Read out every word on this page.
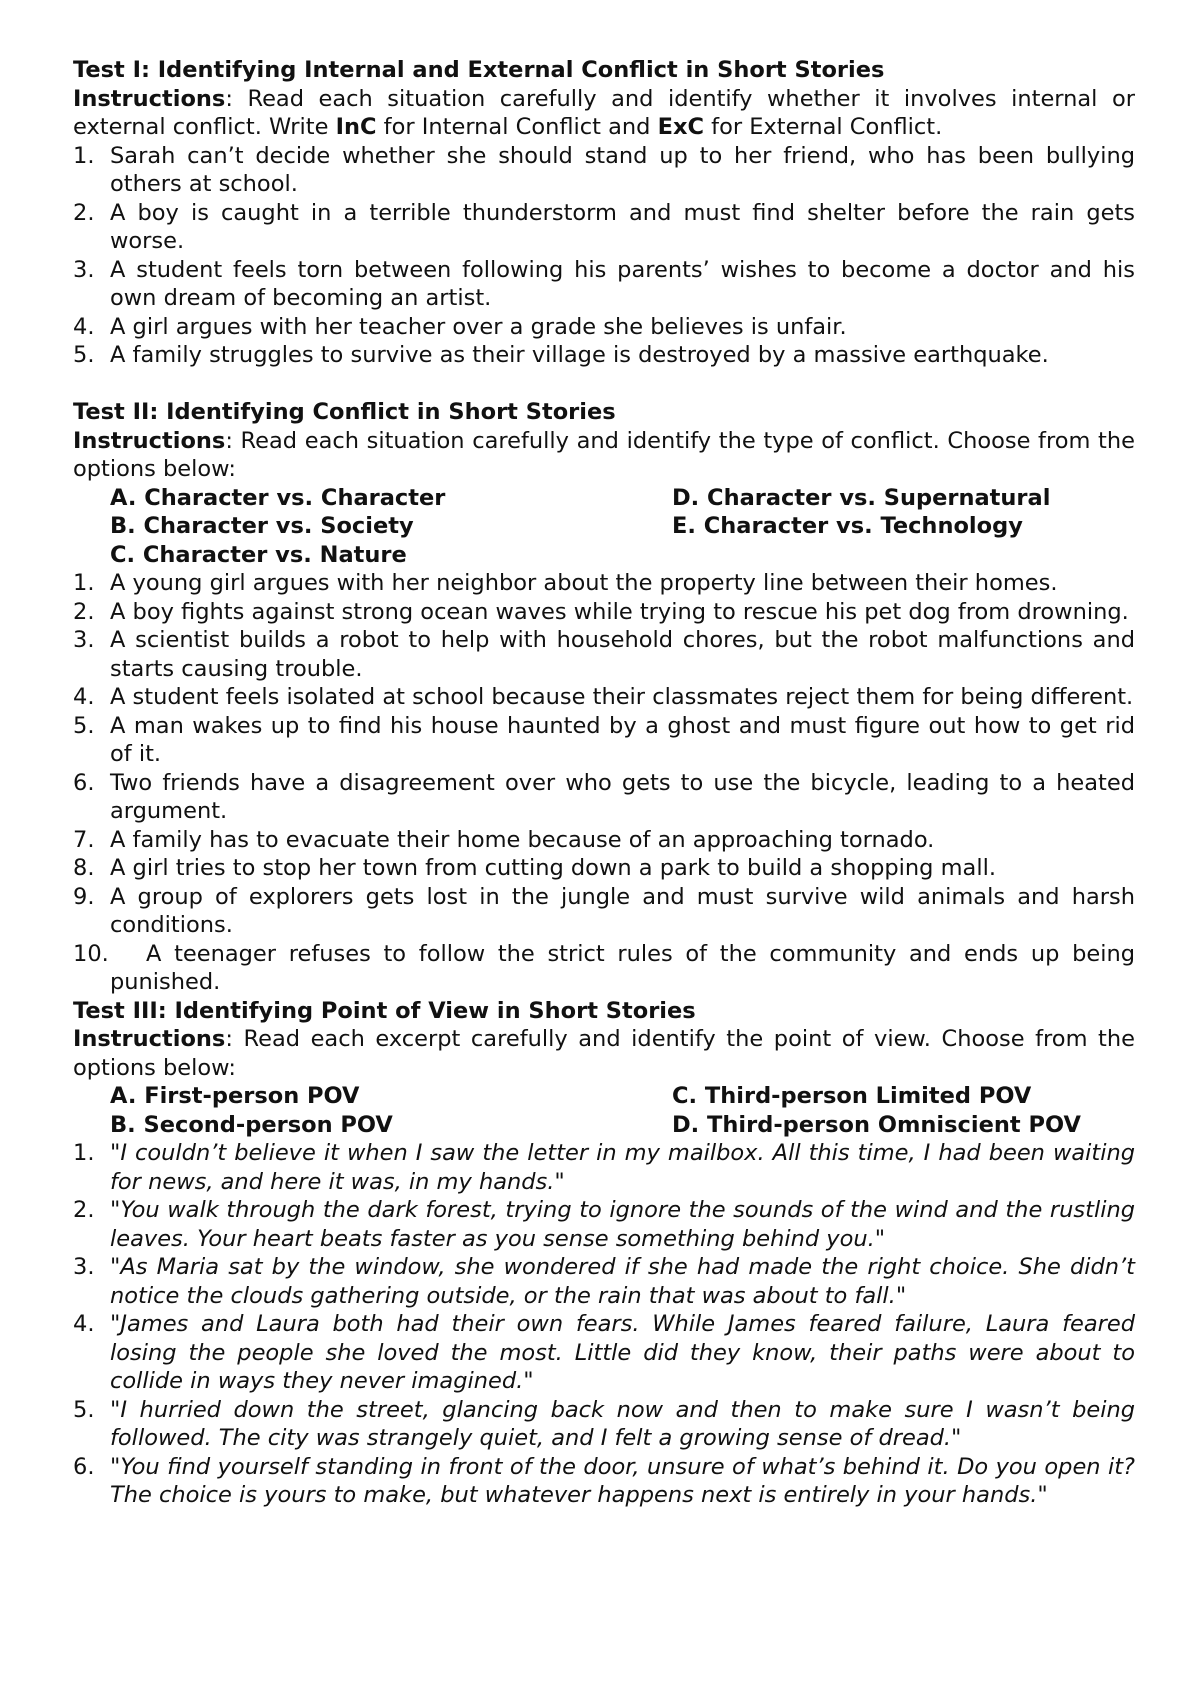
Test I: Identifying Internal and External Conflict in Short Stories

Instructions: Read each situation carefully and identify whether it involves internal or external conflict. Write InC for Internal Conflict and ExC for External Conflict.

1. Sarah can’t decide whether she should stand up to her friend, who has been bullying others at school.
2. A boy is caught in a terrible thunderstorm and must find shelter before the rain gets worse.
3. A student feels torn between following his parents’ wishes to become a doctor and his own dream of becoming an artist.
4. A girl argues with her teacher over a grade she believes is unfair.
5. A family struggles to survive as their village is destroyed by a massive earthquake.

Test II: Identifying Conflict in Short Stories

Instructions: Read each situation carefully and identify the type of conflict. Choose from the options below:

A. Character vs. Character	D. Character vs. Supernatural
B. Character vs. Society	E. Character vs. Technology
C. Character vs. Nature
1. A young girl argues with her neighbor about the property line between their homes.
2. A boy fights against strong ocean waves while trying to rescue his pet dog from drowning.
3. A scientist builds a robot to help with household chores, but the robot malfunctions and starts causing trouble.
4. A student feels isolated at school because their classmates reject them for being different.
5. A man wakes up to find his house haunted by a ghost and must figure out how to get rid of it.
6. Two friends have a disagreement over who gets to use the bicycle, leading to a heated argument.
7. A family has to evacuate their home because of an approaching tornado.
8. A girl tries to stop her town from cutting down a park to build a shopping mall.
9. A group of explorers gets lost in the jungle and must survive wild animals and harsh conditions.
10. A teenager refuses to follow the strict rules of the community and ends up being punished.

Test III: Identifying Point of View in Short Stories

Instructions: Read each excerpt carefully and identify the point of view. Choose from the options below:

A. First-person POV	C. Third-person Limited POV
B. Second-person POV	D. Third-person Omniscient POV
1. "I couldn’t believe it when I saw the letter in my mailbox. All this time, I had been waiting for news, and here it was, in my hands."
2. "You walk through the dark forest, trying to ignore the sounds of the wind and the rustling leaves. Your heart beats faster as you sense something behind you."
3. "As Maria sat by the window, she wondered if she had made the right choice. She didn’t notice the clouds gathering outside, or the rain that was about to fall."
4. "James and Laura both had their own fears. While James feared failure, Laura feared losing the people she loved the most. Little did they know, their paths were about to collide in ways they never imagined."
5. "I hurried down the street, glancing back now and then to make sure I wasn’t being followed. The city was strangely quiet, and I felt a growing sense of dread."
6. "You find yourself standing in front of the door, unsure of what’s behind it. Do you open it? The choice is yours to make, but whatever happens next is entirely in your hands."
